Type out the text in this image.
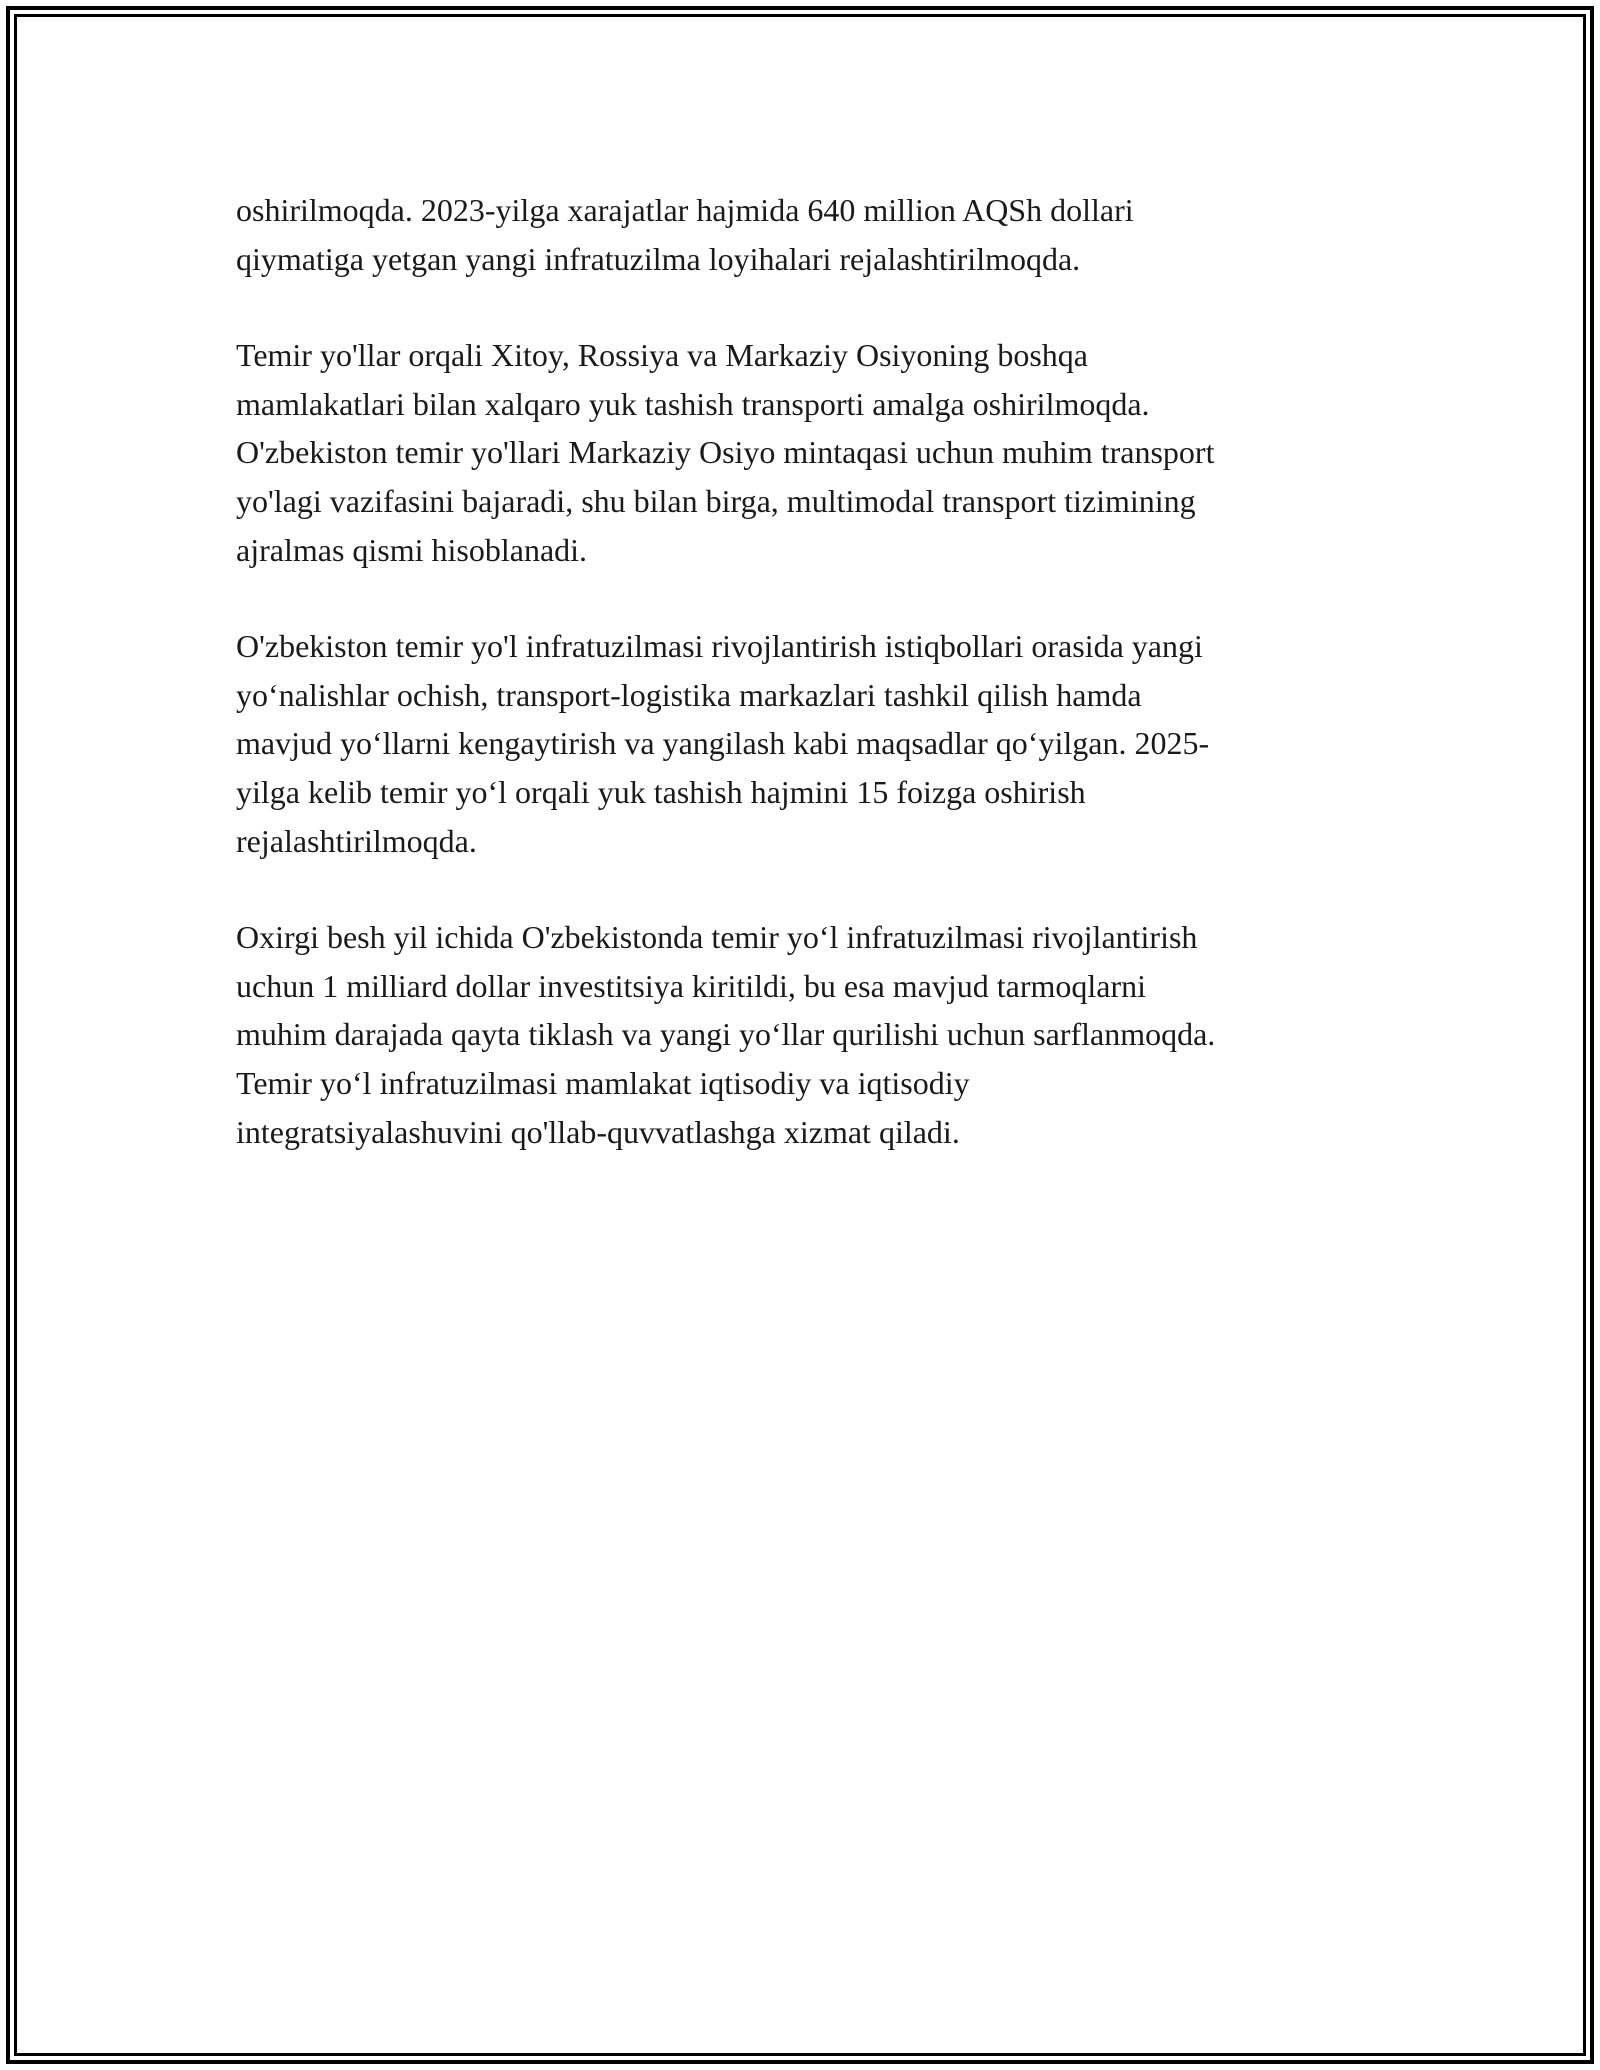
oshirilmoqda. 2023-yilga xarajatlar hajmida 640 million AQSh dollari
qiymatiga yetgan yangi infratuzilma loyihalari rejalashtirilmoqda.

Temir yo'llar orqali Xitoy, Rossiya va Markaziy Osiyoning boshqa
mamlakatlari bilan xalqaro yuk tashish transporti amalga oshirilmoqda.
O'zbekiston temir yo'llari Markaziy Osiyo mintaqasi uchun muhim transport
yo'lagi vazifasini bajaradi, shu bilan birga, multimodal transport tizimining
ajralmas qismi hisoblanadi.

O'zbekiston temir yo'l infratuzilmasi rivojlantirish istiqbollari orasida yangi
yo‘nalishlar ochish, transport-logistika markazlari tashkil qilish hamda
mavjud yo‘llarni kengaytirish va yangilash kabi maqsadlar qo‘yilgan. 2025-
yilga kelib temir yo‘l orqali yuk tashish hajmini 15 foizga oshirish
rejalashtirilmoqda.

Oxirgi besh yil ichida O'zbekistonda temir yo‘l infratuzilmasi rivojlantirish
uchun 1 milliard dollar investitsiya kiritildi, bu esa mavjud tarmoqlarni
muhim darajada qayta tiklash va yangi yo‘llar qurilishi uchun sarflanmoqda.
Temir yo‘l infratuzilmasi mamlakat iqtisodiy va iqtisodiy
integratsiyalashuvini qo'llab-quvvatlashga xizmat qiladi.
